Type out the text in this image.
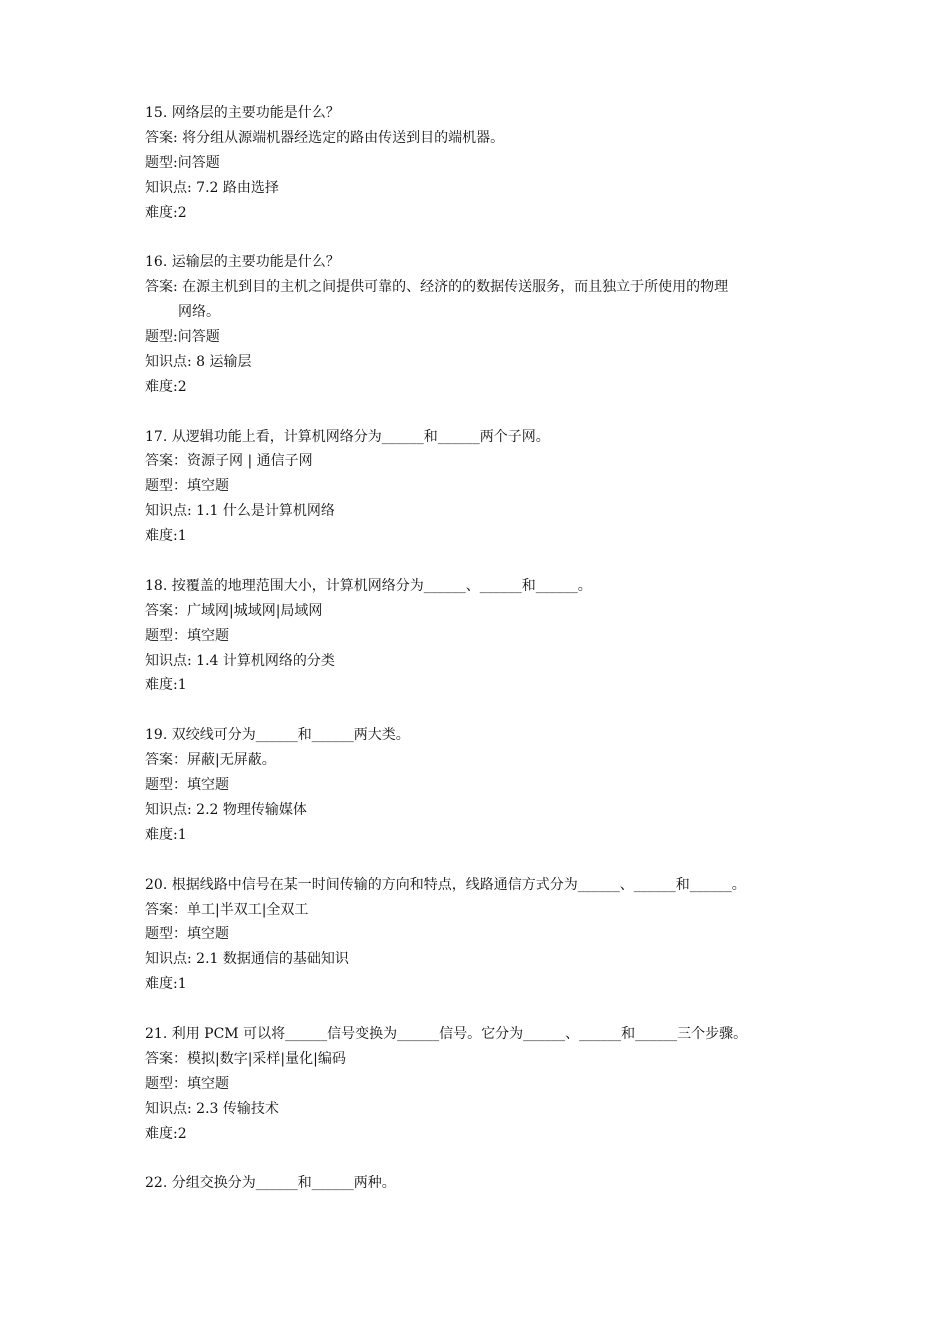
15. 网络层的主要功能是什么？
答案: 将分组从源端机器经选定的路由传送到目的端机器。
题型:问答题
知识点: 7.2 路由选择
难度:2
16. 运输层的主要功能是什么？
答案: 在源主机到目的主机之间提供可靠的、经济的的数据传送服务，而且独立于所使用的物理
网络。
题型:问答题
知识点: 8 运输层
难度:2
17. 从逻辑功能上看，计算机网络分为______和______两个子网。
答案：资源子网 | 通信子网
题型：填空题
知识点: 1.1 什么是计算机网络
难度:1
18. 按覆盖的地理范围大小，计算机网络分为______、______和______。
答案：广域网|城域网|局域网
题型：填空题
知识点: 1.4 计算机网络的分类
难度:1
19. 双绞线可分为______和______两大类。
答案：屏蔽|无屏蔽。
题型：填空题
知识点: 2.2 物理传输媒体
难度:1
20. 根据线路中信号在某一时间传输的方向和特点，线路通信方式分为______、______和______。
答案：单工|半双工|全双工
题型：填空题
知识点: 2.1 数据通信的基础知识
难度:1
21. 利用 PCM 可以将______信号变换为______信号。它分为______、______和______三个步骤。
答案：模拟|数字|采样|量化|编码
题型：填空题
知识点: 2.3 传输技术
难度:2
22. 分组交换分为______和______两种。
